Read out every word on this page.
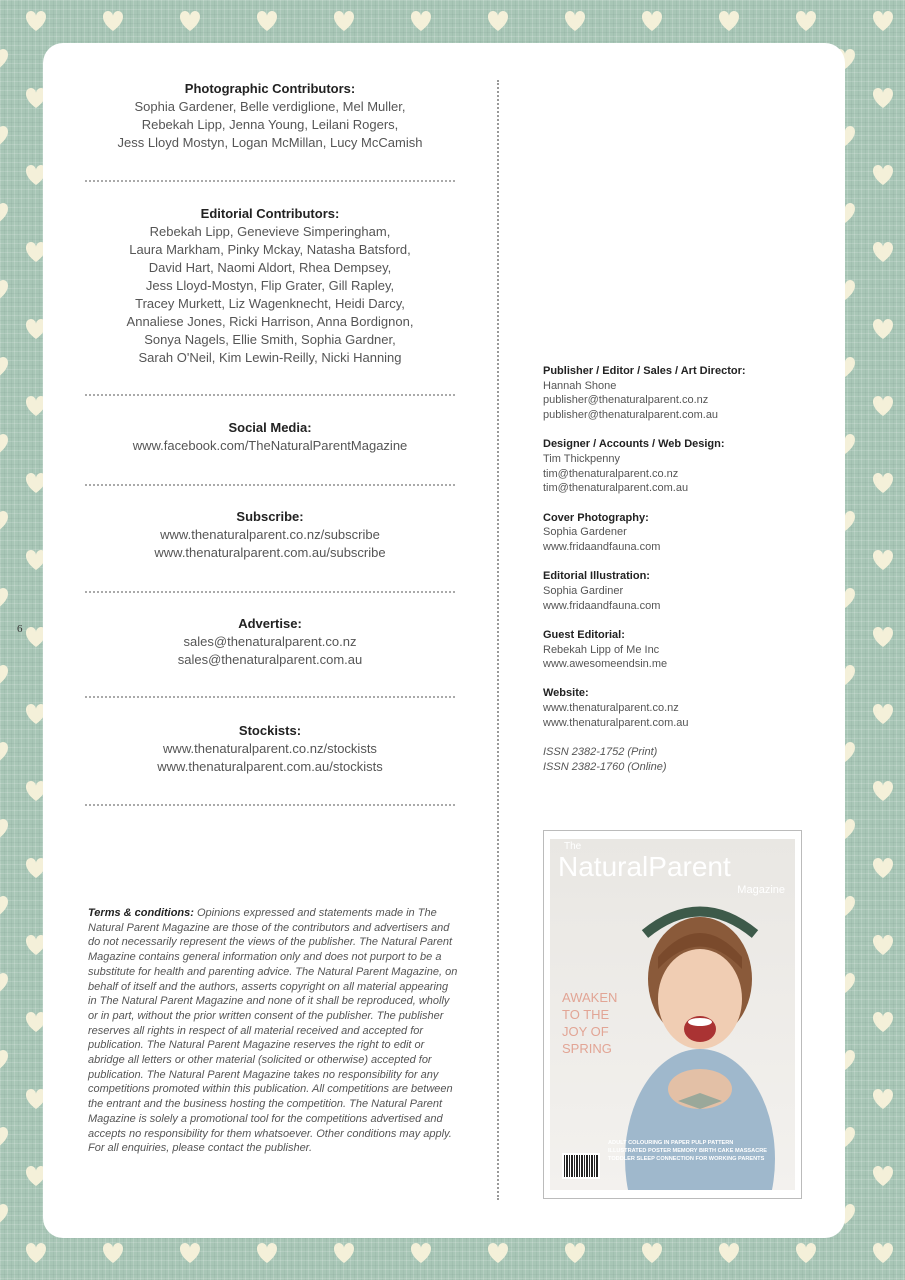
6
Photographic Contributors:
Sophia Gardener, Belle verdiglione, Mel Muller,
Rebekah Lipp, Jenna Young, Leilani Rogers,
Jess Lloyd Mostyn, Logan McMillan, Lucy McCamish
Editorial Contributors:
Rebekah Lipp, Genevieve Simperingham,
Laura Markham, Pinky Mckay, Natasha Batsford,
David Hart, Naomi Aldort, Rhea Dempsey,
Jess Lloyd-Mostyn, Flip Grater, Gill Rapley,
Tracey Murkett, Liz Wagenknecht, Heidi Darcy,
Annaliese Jones, Ricki Harrison, Anna Bordignon,
Sonya Nagels, Ellie Smith, Sophia Gardner,
Sarah O'Neil, Kim Lewin-Reilly, Nicki Hanning
Social Media:
www.facebook.com/TheNaturalParentMagazine
Subscribe:
www.thenaturalparent.co.nz/subscribe
www.thenaturalparent.com.au/subscribe
Advertise:
sales@thenaturalparent.co.nz
sales@thenaturalparent.com.au
Stockists:
www.thenaturalparent.co.nz/stockists
www.thenaturalparent.com.au/stockists
Terms & conditions: Opinions expressed and statements made in The Natural Parent Magazine are those of the contributors and advertisers and do not necessarily represent the views of the publisher. The Natural Parent Magazine contains general information only and does not purport to be a substitute for health and parenting advice. The Natural Parent Magazine, on behalf of itself and the authors, asserts copyright on all material appearing in The Natural Parent Magazine and none of it shall be reproduced, wholly or in part, without the prior written consent of the publisher. The publisher reserves all rights in respect of all material received and accepted for publication. The Natural Parent Magazine reserves the right to edit or abridge all letters or other material (solicited or otherwise) accepted for publication. The Natural Parent Magazine takes no responsibility for any competitions promoted within this publication. All competitions are between the entrant and the business hosting the competition. The Natural Parent Magazine is solely a promotional tool for the competitions advertised and accepts no responsibility for them whatsoever. Other conditions may apply. For all enquiries, please contact the publisher.
Publisher / Editor / Sales / Art Director:
Hannah Shone
publisher@thenaturalparent.co.nz
publisher@thenaturalparent.com.au
Designer / Accounts / Web Design:
Tim Thickpenny
tim@thenaturalparent.co.nz
tim@thenaturalparent.com.au
Cover Photography:
Sophia Gardener
www.fridaandfauna.com
Editorial Illustration:
Sophia Gardiner
www.fridaandfauna.com
Guest Editorial:
Rebekah Lipp of Me Inc
www.awesomeendsin.me
Website:
www.thenaturalparent.co.nz
www.thenaturalparent.com.au
ISSN 2382-1752 (Print)
ISSN 2382-1760 (Online)
The
NaturalParent
Magazine
AWAKEN TO THE JOY OF SPRING
ADULT COLOURING IN PAPER PULP PATTERN
ILLUSTRATED POSTER MEMORY BIRTH CAKE MASSACRE
TODDLER SLEEP CONNECTION FOR WORKING PARENTS
